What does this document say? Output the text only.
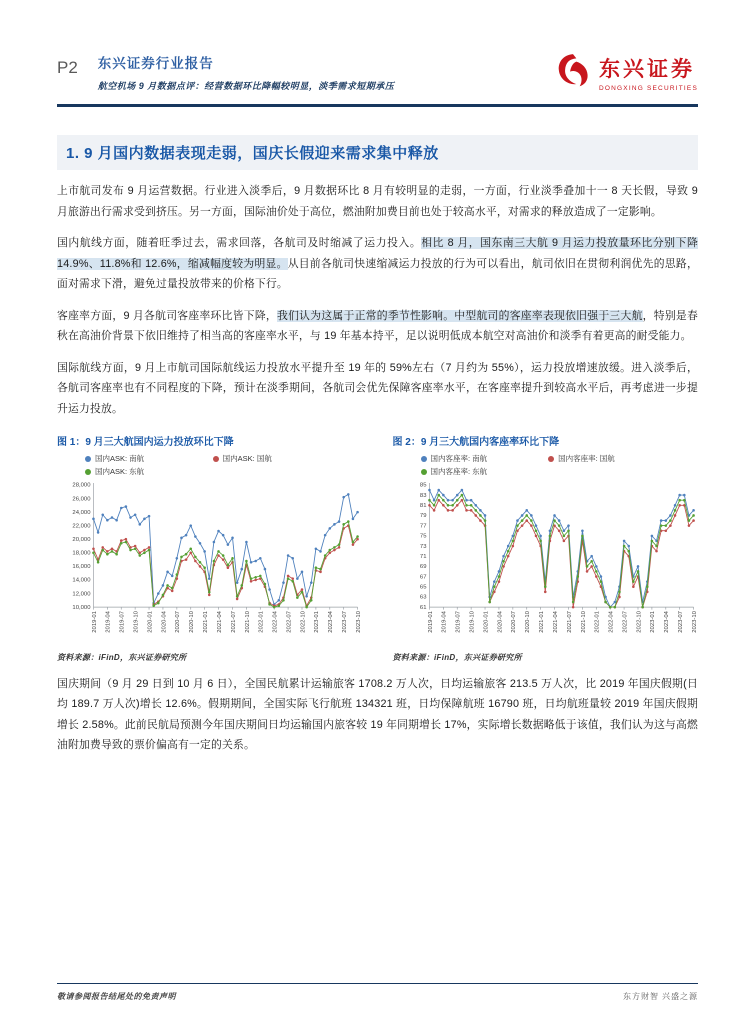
P2 东兴证券行业报告
航空机场 9 月数据点评：经营数据环比降幅较明显，淡季需求短期承压
东兴证券
DONGXING SECURITIES
1. 9 月国内数据表现走弱，国庆长假迎来需求集中释放

上市航司发布 9 月运营数据。行业进入淡季后，9 月数据环比 8 月有较明显的走弱，一方面，行业淡季叠加十一 8 天长假，导致 9 月旅游出行需求受到挤压。另一方面，国际油价处于高位，燃油附加费目前也处于较高水平，对需求的释放造成了一定影响。

国内航线方面，随着旺季过去，需求回落，各航司及时缩减了运力投入。相比 8 月，国东南三大航 9 月运力投放量环比分别下降 14.9%、11.8%和 12.6%，缩减幅度较为明显。从目前各航司快速缩减运力投放的行为可以看出，航司依旧在贯彻利润优先的思路，面对需求下滑，避免过量投放带来的价格下行。

客座率方面，9 月各航司客座率环比皆下降，我们认为这属于正常的季节性影响。中型航司的客座率表现依旧强于三大航，特别是春秋在高油价背景下依旧维持了相当高的客座率水平，与 19 年基本持平，足以说明低成本航空对高油价和淡季有着更高的耐受能力。

国际航线方面，9 月上市航司国际航线运力投放水平提升至 19 年的 59%左右（7 月约为 55%），运力投放增速放缓。进入淡季后，各航司客座率也有不同程度的下降，预计在淡季期间，各航司会优先保障客座率水平，在客座率提升到较高水平后，再考虑进一步提升运力投放。

图 1：9 月三大航国内运力投放环比下降
国内ASK: 南航	国内ASK: 国航
国内ASK: 东航
10,000
12,000
14,000
16,000
18,000
20,000
22,000
24,000
26,000
28,000
2019-01 2019-04 2019-07 2019-10 2020-01 2020-04 2020-07 2020-10 2021-01 2021-04 2021-07 2021-10 2022-01 2022-04 2022-07 2022-10 2023-01 2023-04 2023-07 2023-10
资料来源：iFinD，东兴证券研究所
图 2：9 月三大航国内客座率环比下降
国内客座率: 南航	国内客座率: 国航
国内客座率: 东航
61
63
65
67
69
71
73
75
77
79
81
83
85
2019-01 2019-04 2019-07 2019-10 2020-01 2020-04 2020-07 2020-10 2021-01 2021-04 2021-07 2021-10 2022-01 2022-04 2022-07 2022-10 2023-01 2023-04 2023-07 2023-10
资料来源：iFinD，东兴证券研究所

国庆期间（9 月 29 日到 10 月 6 日），全国民航累计运输旅客 1708.2 万人次，日均运输旅客 213.5 万人次，比 2019 年国庆假期(日均 189.7 万人次)增长 12.6%。假期期间，全国实际飞行航班 134321 班，日均保障航班 16790 班，日均航班量较 2019 年国庆假期增长 2.58%。此前民航局预测今年国庆期间日均运输国内旅客较 19 年同期增长 17%，实际增长数据略低于该值，我们认为这与高燃油附加费导致的票价偏高有一定的关系。

敬请参阅报告结尾处的免责声明	东方财智 兴盛之源
